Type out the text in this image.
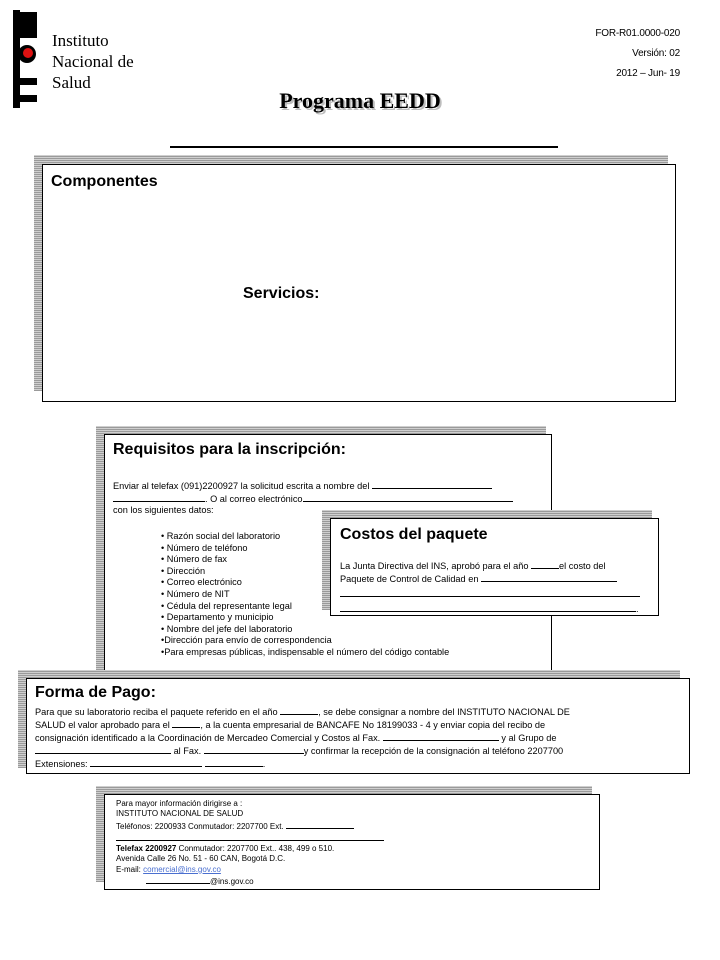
Instituto
Nacional de
Salud
FOR-R01.0000-020
Versión: 02
2012 – Jun- 19
Programa EEDD
Componentes
Servicios:
Requisitos para la inscripción:
Enviar al telefax (091)2200927 la solicitud escrita a nombre del
. O al correo electrónico
con los siguientes datos:
• Razón social del laboratorio
• Número de teléfono
• Número de fax
• Dirección
• Correo electrónico
• Número de NIT
• Cédula del representante legal
• Departamento y municipio
• Nombre del jefe del laboratorio
•Dirección para envío de correspondencia
•Para empresas públicas, indispensable el número del código contable
Costos del paquete
La Junta Directiva del INS, aprobó para el año	el costo del
Paquete de Control de Calidad en
.
Forma de Pago:
Para que su laboratorio reciba el paquete referido en el año	, se debe consignar a nombre del INSTITUTO NACIONAL DE
SALUD el valor aprobado para el	, a la cuenta empresarial de BANCAFE No 18199033 - 4 y enviar copia del recibo de
consignación identificado a la Coordinación de Mercadeo Comercial y Costos al Fax.	y al Grupo de
al Fax.	y confirmar la recepción de la consignación al teléfono 2207700
Extensiones:	.
Para mayor información dirigirse a :
INSTITUTO NACIONAL DE SALUD
Teléfonos: 2200933 Conmutador: 2207700 Ext.
Telefax 2200927 Conmutador: 2207700 Ext.. 438, 499 o 510.
Avenida Calle 26 No. 51 - 60 CAN, Bogotá D.C.
E-mail: comercial@ins.gov.co
@ins.gov.co
